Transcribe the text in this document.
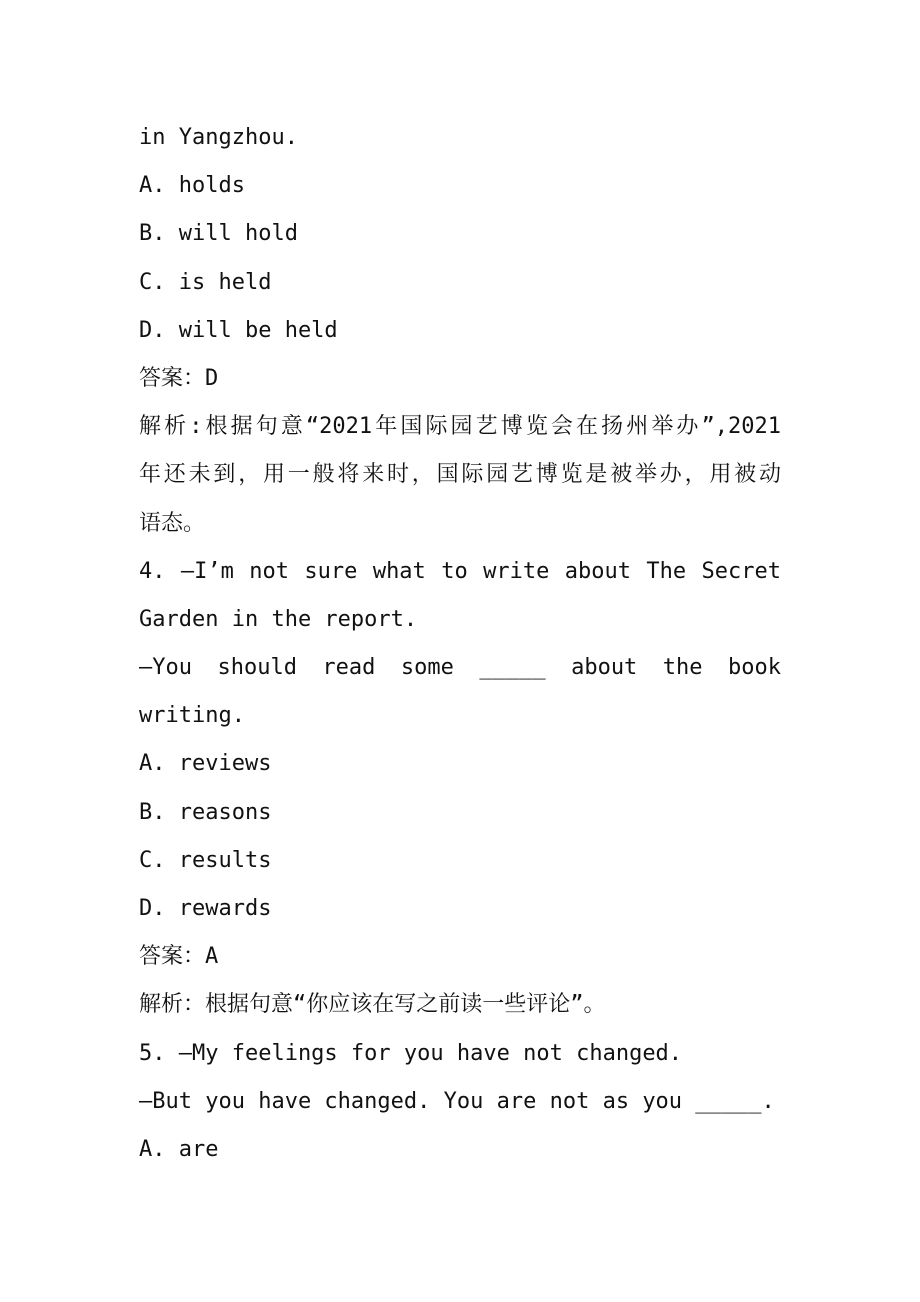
in Yangzhou.
A. holds
B. will hold
C. is held
D. will be held
答案：D
解析:根据句意“2021年国际园艺博览会在扬州举办”,2021
年还未到，用一般将来时，国际园艺博览是被举办，用被动
语态。
4. —I’m not sure what to write about The Secret
Garden in the report.
—You should read some _____ about the book
writing.
A. reviews
B. reasons
C. results
D. rewards
答案：A
解析：根据句意“你应该在写之前读一些评论”。
5. —My feelings for you have not changed.
—But you have changed. You are not as you _____.
A. are
